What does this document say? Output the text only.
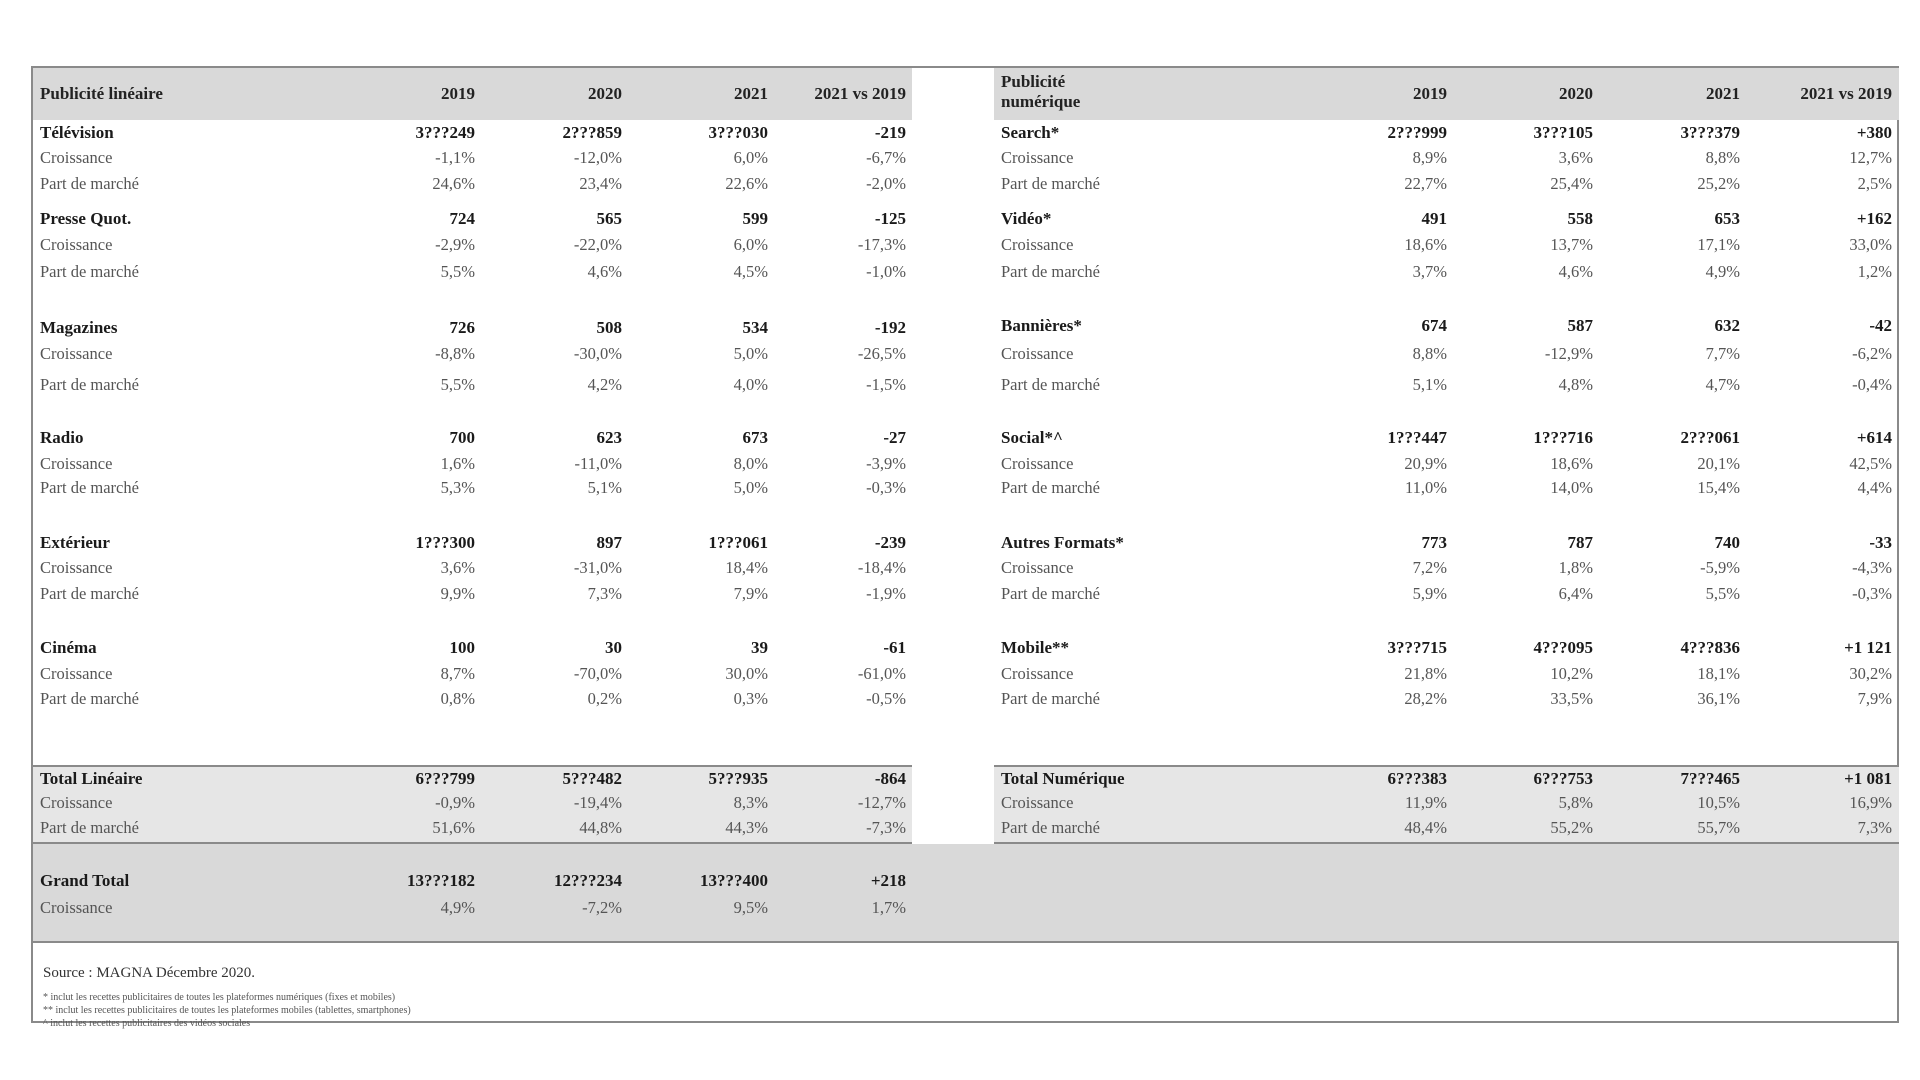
Publicité linéaire	2019	2020	2021	2021 vs 2019
Télévision	3???249	2???859	3???030	-219
Croissance	-1,1%	-12,0%	6,0%	-6,7%
Part de marché	24,6%	23,4%	22,6%	-2,0%
Presse Quot.	724	565	599	-125
Croissance	-2,9%	-22,0%	6,0%	-17,3%
Part de marché	5,5%	4,6%	4,5%	-1,0%
Magazines	726	508	534	-192
Croissance	-8,8%	-30,0%	5,0%	-26,5%
Part de marché	5,5%	4,2%	4,0%	-1,5%
Radio	700	623	673	-27
Croissance	1,6%	-11,0%	8,0%	-3,9%
Part de marché	5,3%	5,1%	5,0%	-0,3%
Extérieur	1???300	897	1???061	-239
Croissance	3,6%	-31,0%	18,4%	-18,4%
Part de marché	9,9%	7,3%	7,9%	-1,9%
Cinéma	100	30	39	-61
Croissance	8,7%	-70,0%	30,0%	-61,0%
Part de marché	0,8%	0,2%	0,3%	-0,5%
Total Linéaire	6???799	5???482	5???935	-864
Croissance	-0,9%	-19,4%	8,3%	-12,7%
Part de marché	51,6%	44,8%	44,3%	-7,3%
Grand Total	13???182	12???234	13???400	+218
Croissance	4,9%	-7,2%	9,5%	1,7%
Publicité numérique	2019	2020	2021	2021 vs 2019
Search*	2???999	3???105	3???379	+380
Croissance	8,9%	3,6%	8,8%	12,7%
Part de marché	22,7%	25,4%	25,2%	2,5%
Vidéo*	491	558	653	+162
Croissance	18,6%	13,7%	17,1%	33,0%
Part de marché	3,7%	4,6%	4,9%	1,2%
Bannières*	674	587	632	-42
Croissance	8,8%	-12,9%	7,7%	-6,2%
Part de marché	5,1%	4,8%	4,7%	-0,4%
Social*^	1???447	1???716	2???061	+614
Croissance	20,9%	18,6%	20,1%	42,5%
Part de marché	11,0%	14,0%	15,4%	4,4%
Autres Formats*	773	787	740	-33
Croissance	7,2%	1,8%	-5,9%	-4,3%
Part de marché	5,9%	6,4%	5,5%	-0,3%
Mobile**	3???715	4???095	4???836	+1 121
Croissance	21,8%	10,2%	18,1%	30,2%
Part de marché	28,2%	33,5%	36,1%	7,9%
Total Numérique	6???383	6???753	7???465	+1 081
Croissance	11,9%	5,8%	10,5%	16,9%
Part de marché	48,4%	55,2%	55,7%	7,3%
Source : MAGNA Décembre 2020.
* inclut les recettes publicitaires de toutes les plateformes numériques (fixes et mobiles)
** inclut les recettes publicitaires de toutes les plateformes mobiles (tablettes, smartphones)
^ inclut les recettes publicitaires des vidéos sociales
